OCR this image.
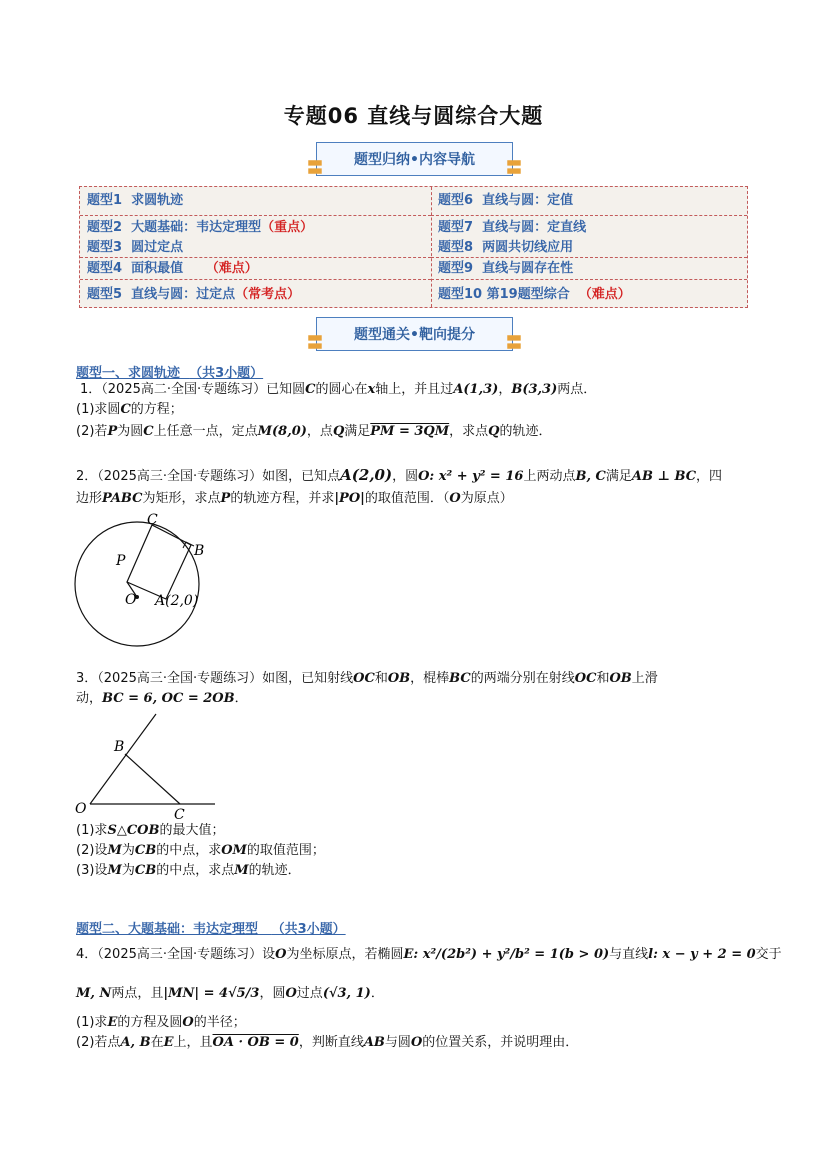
专题06 直线与圆综合大题
〓 题型归纳•内容导航 〓
题型1 求圆轨迹
题型2 大题基础：韦达定理型（重点）
题型3 圆过定点
题型4 面积最值 （难点）
题型5 直线与圆：过定点（常考点）
题型6 直线与圆：定值
题型7 直线与圆：定直线
题型8 两圆共切线应用
题型9 直线与圆存在性
题型10 第19题型综合 （难点）
〓 题型通关•靶向提分 〓
题型一、求圆轨迹 （共3小题）
1．（2025高二·全国·专题练习）已知圆C的圆心在x轴上，并且过A(1,3)，B(3,3)两点．
(1)求圆C的方程；
(2)若P为圆C上任意一点，定点M(8,0)，点Q满足PM = 3QM，求点Q的轨迹．
2．（2025高三·全国·专题练习）如图，已知点A(2,0)，圆O: x² + y² = 16上两动点B, C满足AB ⊥ BC，四
边形PABC为矩形，求点P的轨迹方程，并求|PO|的取值范围．（O为原点）
C
B
P
O A(2,0)
3．（2025高三·全国·专题练习）如图，已知射线OC和OB，棍棒BC的两端分别在射线OC和OB上滑
动，BC = 6, OC = 2OB．
B
O	C
(1)求S△COB的最大值；
(2)设M为CB的中点，求OM的取值范围；
(3)设M为CB的中点，求点M的轨迹．
题型二、大题基础：韦达定理型 （共3小题）
4．（2025高三·全国·专题练习）设O为坐标原点，若椭圆E: x²/(2b²) + y²/b² = 1(b > 0)与直线l: x − y + 2 = 0交于
M, N两点，且|MN| = 4√5/3，圆O过点(√3, 1)．
(1)求E的方程及圆O的半径；
(2)若点A, B在E上，且OA · OB = 0，判断直线AB与圆O的位置关系，并说明理由．
